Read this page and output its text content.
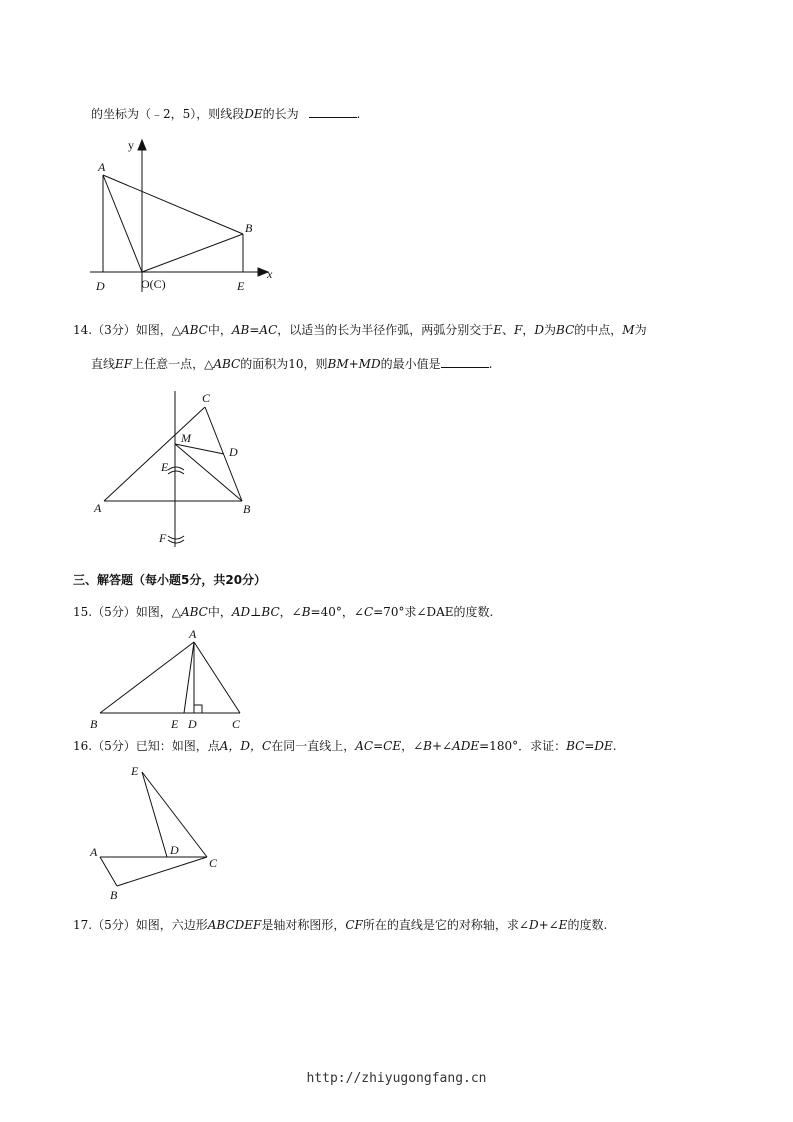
的坐标为（﹣2，5），则线段DE的长为	.
y
x
A
B
D	O(C)	E
14.（3分）如图，△ABC中，AB=AC，以适当的长为半径作弧，两弧分别交于E、F，D为BC的中点，M为
直线EF上任意一点，△ABC的面积为10，则BM+MD的最小值是	.
C
M
D
E
A	B
F
三、解答题（每小题5分，共20分）
15.（5分）如图，△ABC中，AD⊥BC，∠B=40°，∠C=70°求∠DAE的度数.
A
B	E D	C
16.（5分）已知：如图，点A，D，C在同一直线上，AC=CE，∠B+∠ADE=180°．求证：BC=DE.
E
A	D
C
B
17.（5分）如图，六边形ABCDEF是轴对称图形，CF所在的直线是它的对称轴，求∠D+∠E的度数.
http://zhiyugongfang.cn
